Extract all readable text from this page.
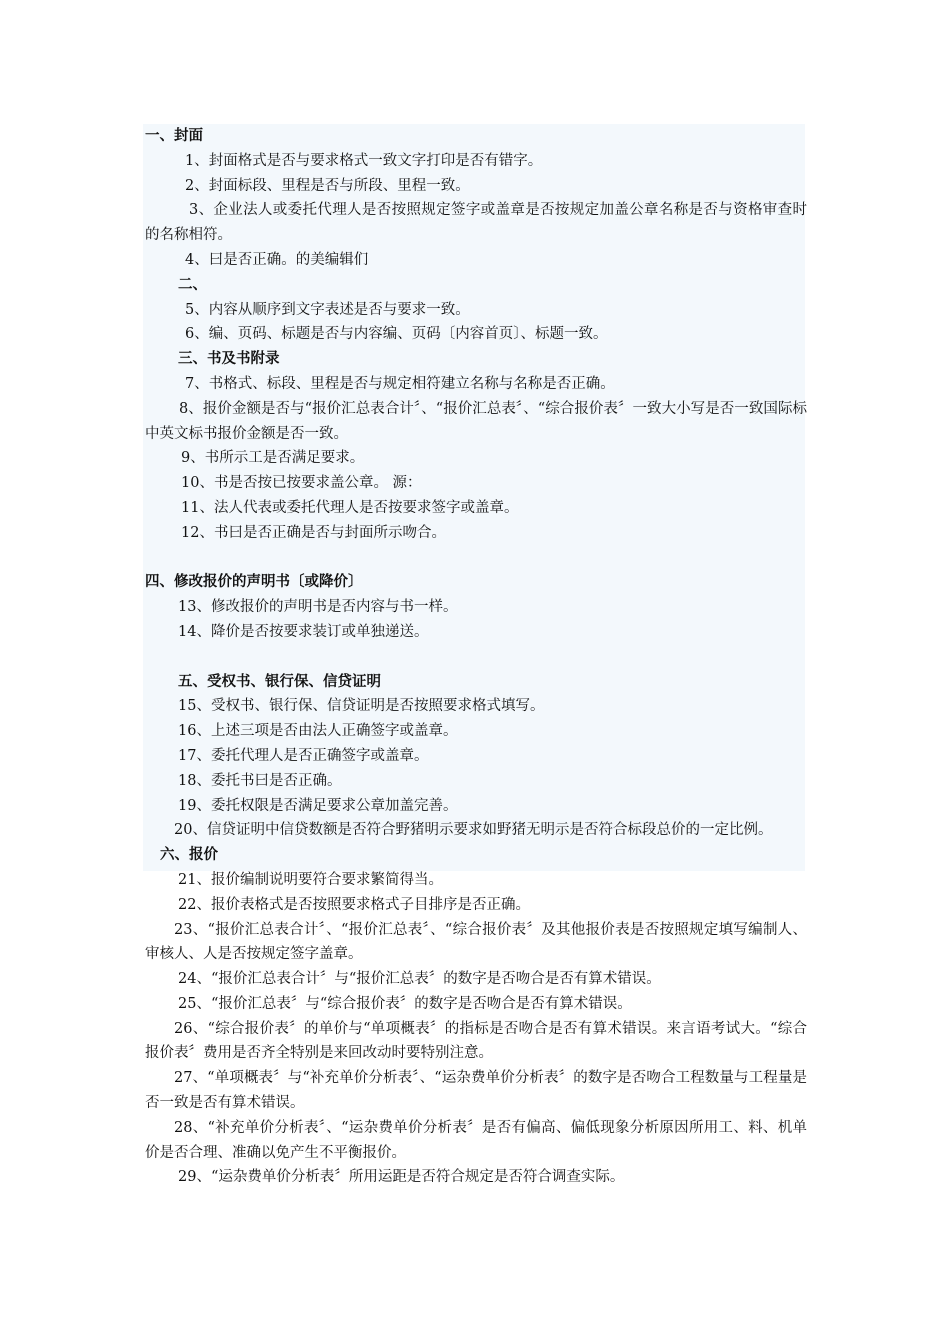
一、封面
1、封面格式是否与要求格式一致文字打印是否有错字。
2、封面标段、里程是否与所段、里程一致。
3、企业法人或委托代理人是否按照规定签字或盖章是否按规定加盖公章名称是否与资格审查时的名称相符。
4、曰是否正确。的美编辑们
二、
5、内容从顺序到文字表述是否与要求一致。
6、编、页码、标题是否与内容编、页码〔内容首页〕、标题一致。
三、书及书附录
7、书格式、标段、里程是否与规定相符建立名称与名称是否正确。
8、报价金额是否与“报价汇总表合计〞、“报价汇总表〞、“综合报价表〞一致大小写是否一致国际标中英文标书报价金额是否一致。
9、书所示工是否满足要求。
10、书是否按已按要求盖公章。 源：
11、法人代表或委托代理人是否按要求签字或盖章。
12、书曰是否正确是否与封面所示吻合。
四、修改报价的声明书〔或降价〕
13、修改报价的声明书是否内容与书一样。
14、降价是否按要求装订或单独递送。
五、受权书、银行保、信贷证明
15、受权书、银行保、信贷证明是否按照要求格式填写。
16、上述三项是否由法人正确签字或盖章。
17、委托代理人是否正确签字或盖章。
18、委托书曰是否正确。
19、委托权限是否满足要求公章加盖完善。
20、信贷证明中信贷数额是否符合野猪明示要求如野猪无明示是否符合标段总价的一定比例。
六、报价
21、报价编制说明要符合要求繁简得当。
22、报价表格式是否按照要求格式子目排序是否正确。
23、“报价汇总表合计〞、“报价汇总表〞、“综合报价表〞及其他报价表是否按照规定填写编制人、审核人、人是否按规定签字盖章。
24、“报价汇总表合计〞与“报价汇总表〞的数字是否吻合是否有算术错误。
25、“报价汇总表〞与“综合报价表〞的数字是否吻合是否有算术错误。
26、“综合报价表〞的单价与“单项概表〞的指标是否吻合是否有算术错误。来言语考试大。“综合报价表〞费用是否齐全特别是来回改动时要特别注意。
27、“单项概表〞与“补充单价分析表〞、“运杂费单价分析表〞的数字是否吻合工程数量与工程量是否一致是否有算术错误。
28、“补充单价分析表〞、“运杂费单价分析表〞是否有偏高、偏低现象分析原因所用工、料、机单价是否合理、准确以免产生不平衡报价。
29、“运杂费单价分析表〞所用运距是否符合规定是否符合调查实际。
